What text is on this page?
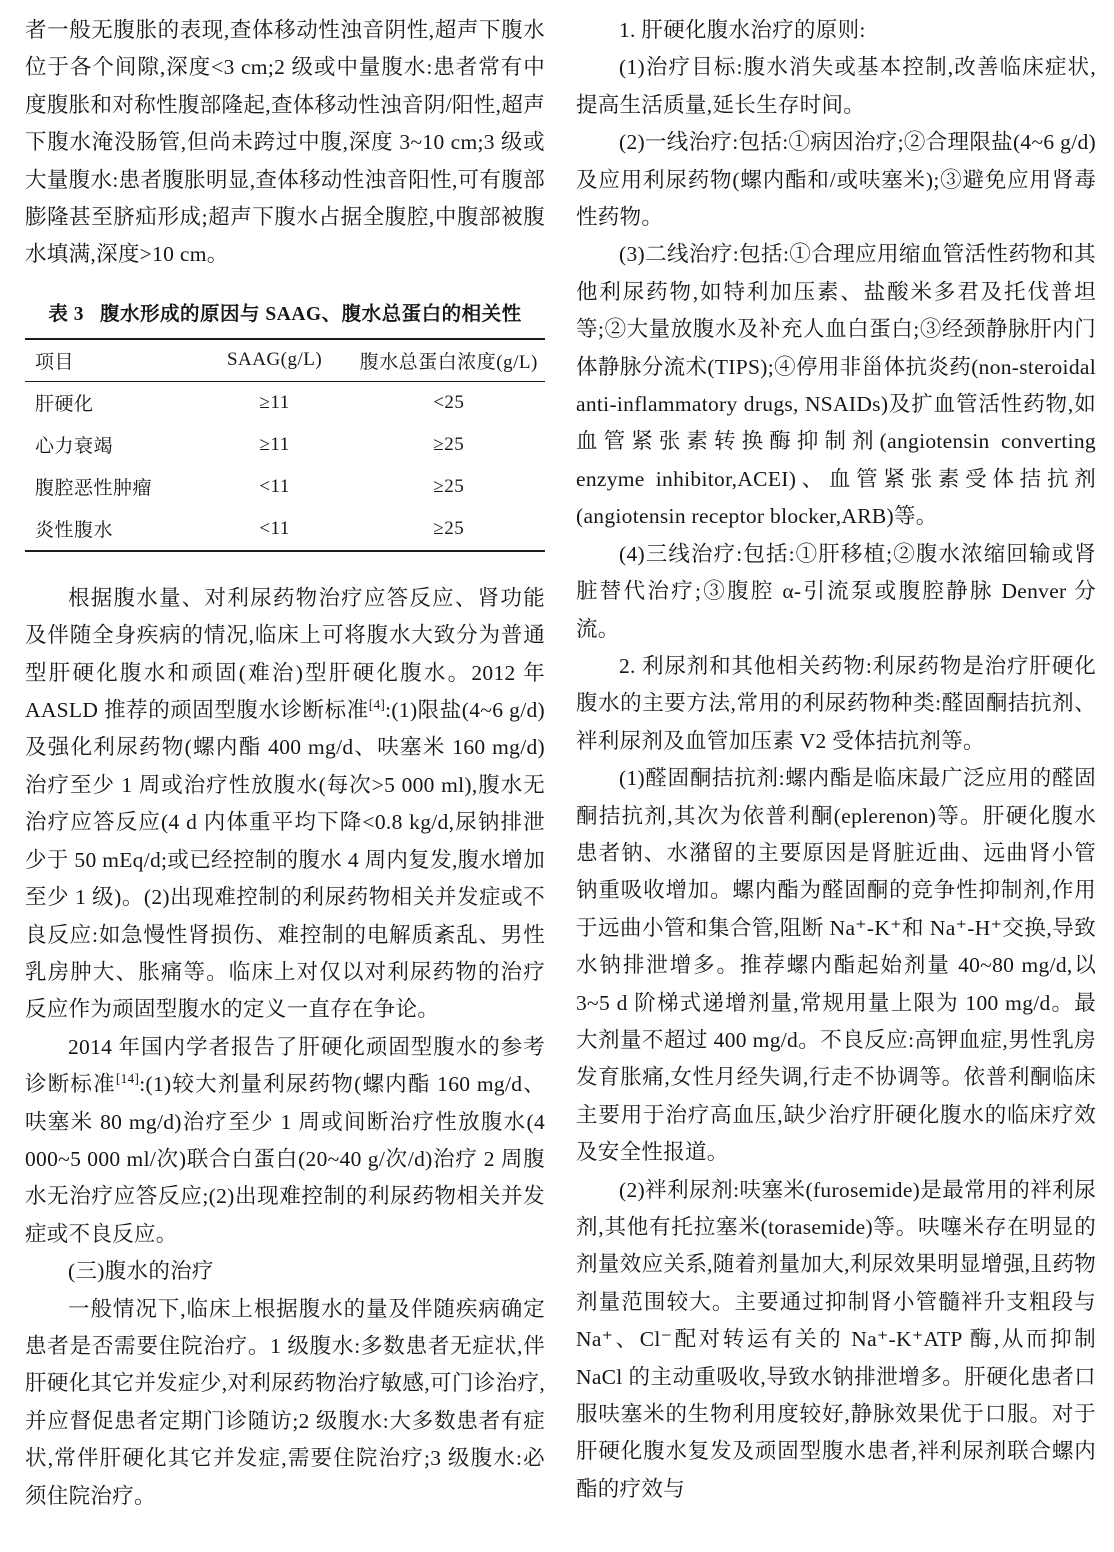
者一般无腹胀的表现,查体移动性浊音阴性,超声下腹水位于各个间隙,深度<3 cm;2 级或中量腹水:患者常有中度腹胀和对称性腹部隆起,查体移动性浊音阴/阳性,超声下腹水淹没肠管,但尚未跨过中腹,深度 3~10 cm;3 级或大量腹水:患者腹胀明显,查体移动性浊音阳性,可有腹部膨隆甚至脐疝形成;超声下腹水占据全腹腔,中腹部被腹水填满,深度>10 cm。

表 3 腹水形成的原因与 SAAG、腹水总蛋白的相关性
项目	SAAG(g/L)	腹水总蛋白浓度(g/L)
肝硬化	≥11	<25
心力衰竭	≥11	≥25
腹腔恶性肿瘤	<11	≥25
炎性腹水	<11	≥25

根据腹水量、对利尿药物治疗应答反应、肾功能及伴随全身疾病的情况,临床上可将腹水大致分为普通型肝硬化腹水和顽固(难治)型肝硬化腹水。2012 年 AASLD 推荐的顽固型腹水诊断标准[4]:(1)限盐(4~6 g/d)及强化利尿药物(螺内酯 400 mg/d、呋塞米 160 mg/d)治疗至少 1 周或治疗性放腹水(每次>5 000 ml),腹水无治疗应答反应(4 d 内体重平均下降<0.8 kg/d,尿钠排泄少于 50 mEq/d;或已经控制的腹水 4 周内复发,腹水增加至少 1 级)。(2)出现难控制的利尿药物相关并发症或不良反应:如急慢性肾损伤、难控制的电解质紊乱、男性乳房肿大、胀痛等。临床上对仅以对利尿药物的治疗反应作为顽固型腹水的定义一直存在争论。

2014 年国内学者报告了肝硬化顽固型腹水的参考诊断标准[14]:(1)较大剂量利尿药物(螺内酯 160 mg/d、呋塞米 80 mg/d)治疗至少 1 周或间断治疗性放腹水(4 000~5 000 ml/次)联合白蛋白(20~40 g/次/d)治疗 2 周腹水无治疗应答反应;(2)出现难控制的利尿药物相关并发症或不良反应。

(三)腹水的治疗

一般情况下,临床上根据腹水的量及伴随疾病确定患者是否需要住院治疗。1 级腹水:多数患者无症状,伴肝硬化其它并发症少,对利尿药物治疗敏感,可门诊治疗,并应督促患者定期门诊随访;2 级腹水:大多数患者有症状,常伴肝硬化其它并发症,需要住院治疗;3 级腹水:必须住院治疗。

1. 肝硬化腹水治疗的原则:

(1)治疗目标:腹水消失或基本控制,改善临床症状,提高生活质量,延长生存时间。

(2)一线治疗:包括:①病因治疗;②合理限盐(4~6 g/d)及应用利尿药物(螺内酯和/或呋塞米);③避免应用肾毒性药物。

(3)二线治疗:包括:①合理应用缩血管活性药物和其他利尿药物,如特利加压素、盐酸米多君及托伐普坦等;②大量放腹水及补充人血白蛋白;③经颈静脉肝内门体静脉分流术(TIPS);④停用非甾体抗炎药(non-steroidal anti-inflammatory drugs, NSAIDs)及扩血管活性药物,如血管紧张素转换酶抑制剂(angiotensin converting enzyme inhibitor,ACEI)、血管紧张素受体拮抗剂(angiotensin receptor blocker,ARB)等。

(4)三线治疗:包括:①肝移植;②腹水浓缩回输或肾脏替代治疗;③腹腔 α-引流泵或腹腔静脉 Denver 分流。

2. 利尿剂和其他相关药物:利尿药物是治疗肝硬化腹水的主要方法,常用的利尿药物种类:醛固酮拮抗剂、袢利尿剂及血管加压素 V2 受体拮抗剂等。

(1)醛固酮拮抗剂:螺内酯是临床最广泛应用的醛固酮拮抗剂,其次为依普利酮(eplerenon)等。肝硬化腹水患者钠、水潴留的主要原因是肾脏近曲、远曲肾小管钠重吸收增加。螺内酯为醛固酮的竞争性抑制剂,作用于远曲小管和集合管,阻断 Na⁺-K⁺和 Na⁺-H⁺交换,导致水钠排泄增多。推荐螺内酯起始剂量 40~80 mg/d,以 3~5 d 阶梯式递增剂量,常规用量上限为 100 mg/d。最大剂量不超过 400 mg/d。不良反应:高钾血症,男性乳房发育胀痛,女性月经失调,行走不协调等。依普利酮临床主要用于治疗高血压,缺少治疗肝硬化腹水的临床疗效及安全性报道。

(2)袢利尿剂:呋塞米(furosemide)是最常用的袢利尿剂,其他有托拉塞米(torasemide)等。呋噻米存在明显的剂量效应关系,随着剂量加大,利尿效果明显增强,且药物剂量范围较大。主要通过抑制肾小管髓袢升支粗段与 Na⁺、Cl⁻配对转运有关的 Na⁺-K⁺ATP 酶,从而抑制 NaCl 的主动重吸收,导致水钠排泄增多。肝硬化患者口服呋塞米的生物利用度较好,静脉效果优于口服。对于肝硬化腹水复发及顽固型腹水患者,袢利尿剂联合螺内酯的疗效与
